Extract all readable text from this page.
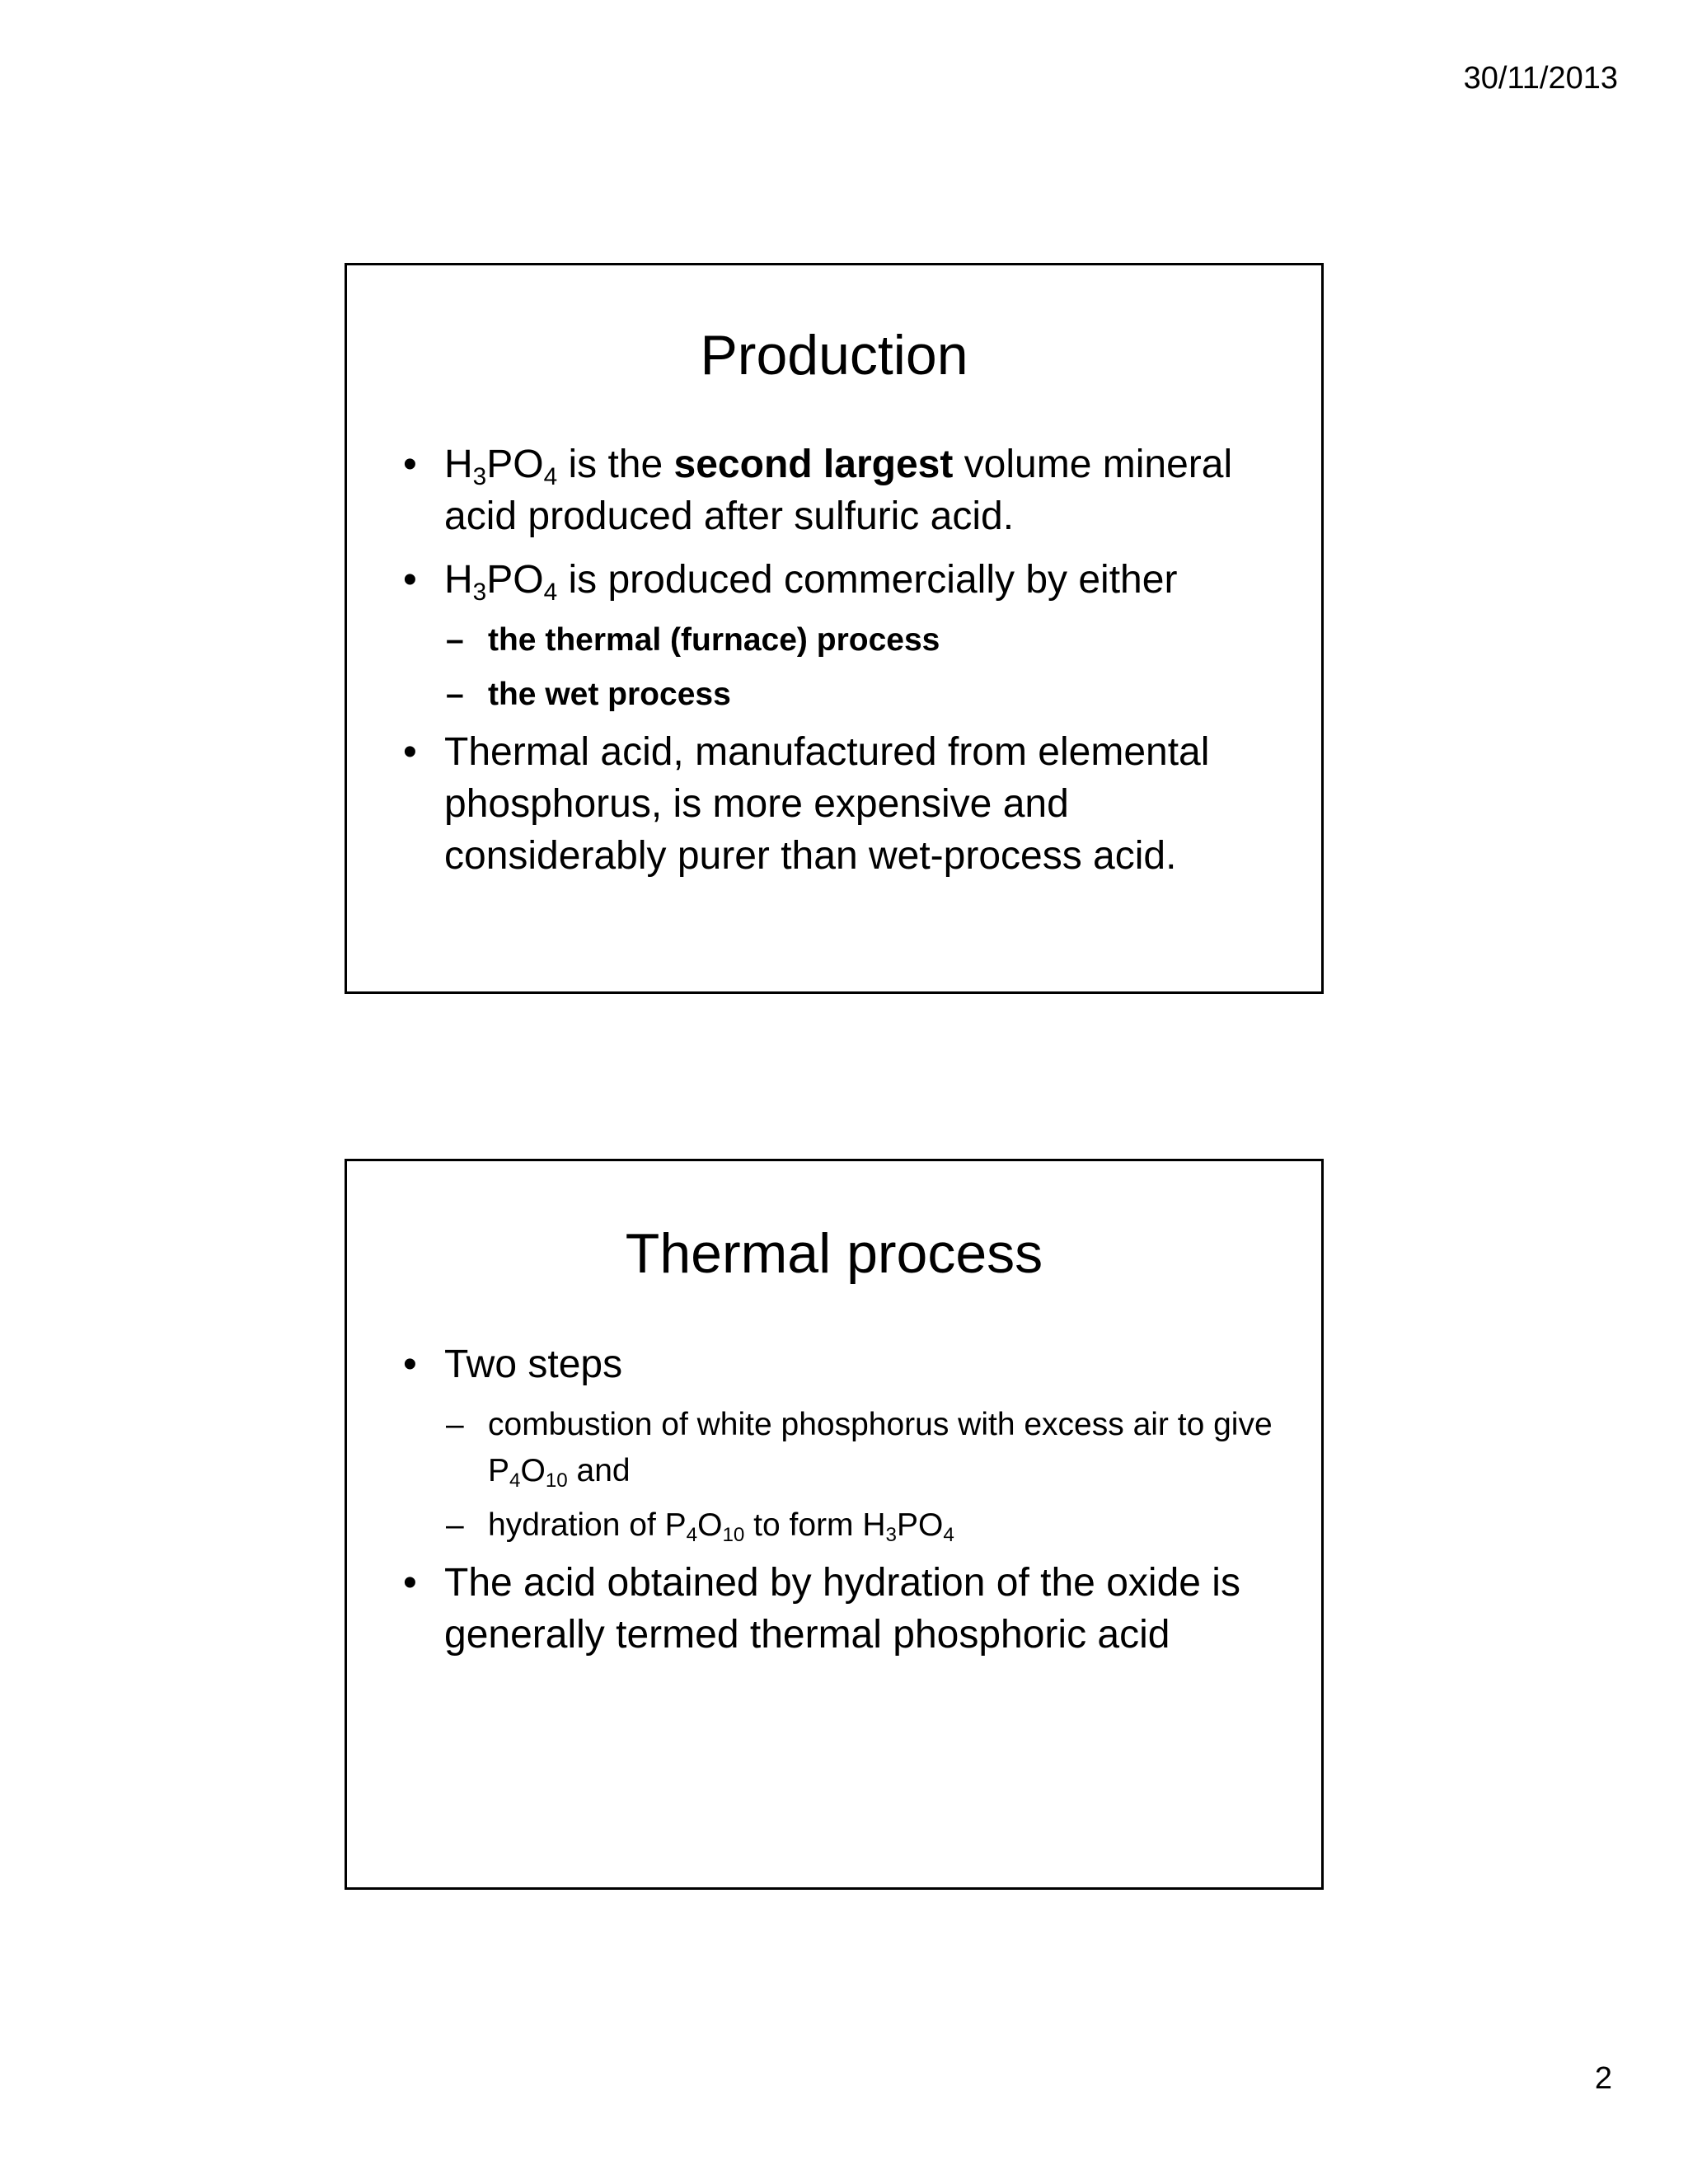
30/11/2013
Production

• $H_3PO_4$ is the second largest volume mineral acid produced after sulfuric acid.

• $H_3PO_4$ is produced commercially by either

– the thermal (furnace) process

– the wet process

• Thermal acid, manufactured from elemental phosphorus, is more expensive and considerably purer than wet-process acid.

Thermal process

• Two steps

– combustion of white phosphorus with excess air to give $P_4O_{10}$ and

– hydration of $P_4O_{10}$ to form $H_3PO_4$

• The acid obtained by hydration of the oxide is generally termed thermal phosphoric acid

2
